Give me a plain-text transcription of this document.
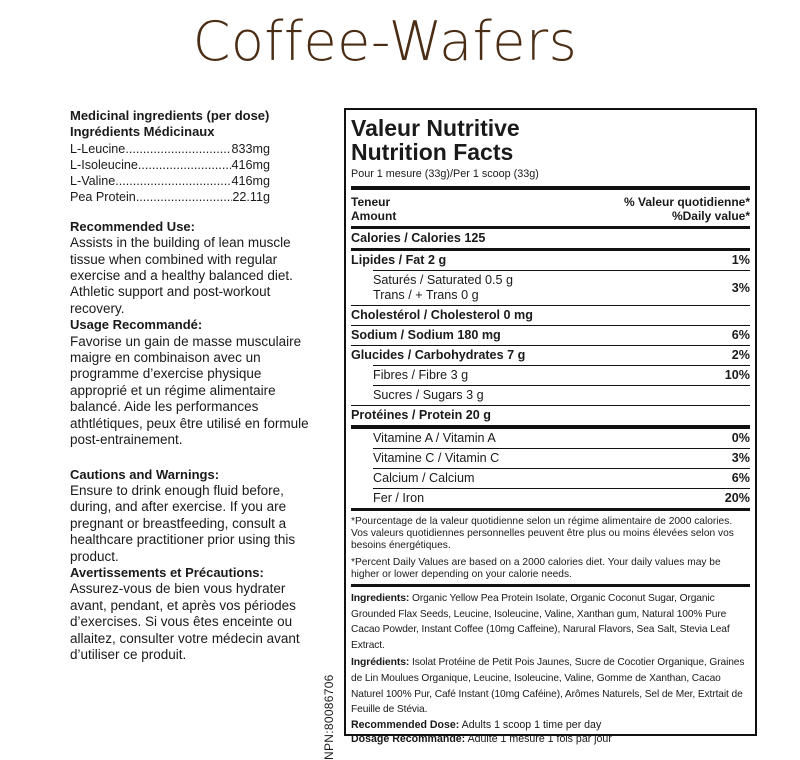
Coffee-Wafers
Medicinal ingredients (per dose)
Ingrédients Médicinaux
L-Leucine .....	833mg
L-Isoleucine .....	416mg
L-Valine .....	416mg
Pea Protein .....	22.11g
Recommended Use:
Assists in the building of lean muscle tissue when combined with regular exercise and a healthy balanced diet. Athletic support and post-workout recovery.
Usage Recommandé:
Favorise un gain de masse musculaire maigre en combinaison avec un programme d’exercise physique approprié et un régime alimentaire balancé. Aide les performances athtlétiques, peux être utilisé en formule post-entrainement.
Cautions and Warnings:
Ensure to drink enough fluid before, during, and after exercise. If you are pregnant or breastfeeding, consult a healthcare practitioner prior using this product.
Avertissements et Précautions:
Assurez-vous de bien vous hydrater avant, pendant, et après vos périodes d’exercises. Si vous êtes enceinte ou allaitez, consulter votre médecin avant d’utiliser ce produit.
NPN:80086706
Valeur Nutritive
Nutrition Facts
Pour 1 mesure (33g)/Per 1 scoop (33g)
Teneur
Amount
% Valeur quotidienne*
%Daily value*
Calories / Calories 125
Lipides / Fat 2 g	1%
Saturés / Saturated 0.5 g
Trans / + Trans 0 g	3%
Cholestérol / Cholesterol 0 mg
Sodium / Sodium 180 mg	6%
Glucides / Carbohydrates 7 g	2%
Fibres / Fibre 3 g	10%
Sucres / Sugars 3 g
Protéines / Protein 20 g
Vitamine A / Vitamin A	0%
Vitamine C / Vitamin C	3%
Calcium / Calcium	6%
Fer / Iron	20%
*Pourcentage de la valeur quotidienne selon un régime alimentaire de 2000 calories. Vos valeurs quotidiennes personnelles peuvent être plus ou moins élevées selon vos besoins énergétiques.
*Percent Daily Values are based on a 2000 calories diet. Your daily values may be higher or lower depending on your calorie needs.
Ingredients: Organic Yellow Pea Protein Isolate, Organic Coconut Sugar, Organic Grounded Flax Seeds, Leucine, Isoleucine, Valine, Xanthan gum, Natural 100% Pure Cacao Powder, Instant Coffee (10mg Caffeine), Narural Flavors, Sea Salt, Stevia Leaf Extract.
Ingrédients: Isolat Protéine de Petit Pois Jaunes, Sucre de Cocotier Organique, Graines de Lin Moulues Organique, Leucine, Isoleucine, Valine, Gomme de Xanthan, Cacao Naturel 100% Pur, Café Instant (10mg Caféine), Arômes Naturels, Sel de Mer, Extrtait de Feuille de Stévia.
Recommended Dose: Adults 1 scoop 1 time per day
Dosage Recommandé: Adulte 1 mesure 1 fois par jour
